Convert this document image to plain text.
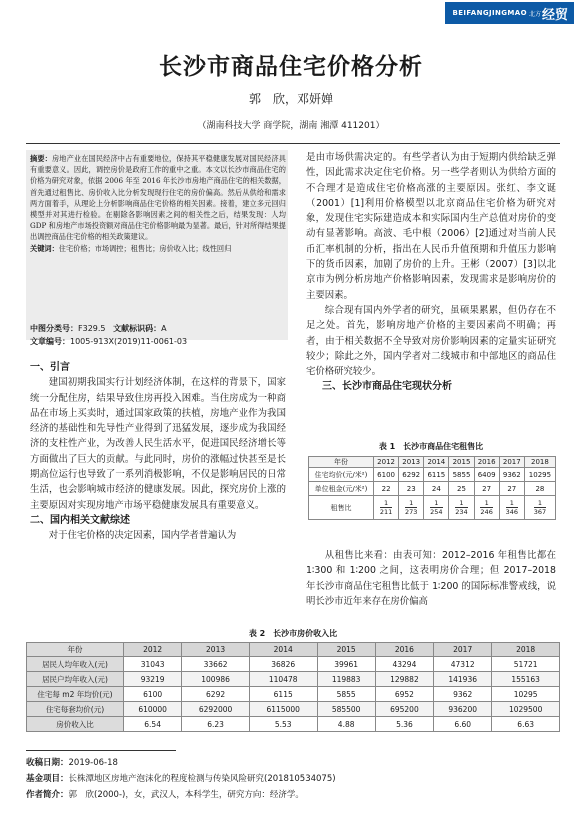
BEIFANGJINGMAO 北方 经贸
长沙市商品住宅价格分析
郭　欣，邓妍婵
（湖南科技大学 商学院，湖南 湘潭 411201）
摘要：房地产业在国民经济中占有重要地位，保持其平稳健康发展对国民经济具有重要意义。因此，调控房价是政府工作的重中之重。本文以长沙市商品住宅的价格为研究对象，依据 2006 年至 2016 年长沙市房地产商品住宅的相关数据，首先通过租售比、房价收入比分析发现现行住宅的房价偏高。然后从供给和需求两方面着手，从理论上分析影响商品住宅价格的相关因素。接着，建立多元回归模型并对其进行检验。在剔除各影响因素之间的相关性之后，结果发现：人均 GDP 和房地产市场投资额对商品住宅价格影响最为显著。最后，针对所得结果提出调控商品住宅价格的相关政策建议。
关键词：住宅价格；市场调控；租售比；房价收入比；线性回归
中图分类号：F329.5 文献标识码：A
文章编号：1005-913X(2019)11-0061-03
一、引言

建国初期我国实行计划经济体制，在这样的背景下，国家统一分配住房，结果导致住房再投入困难。当住房成为一种商品在市场上买卖时，通过国家政策的扶植，房地产业作为我国经济的基础性和先导性产业得到了迅猛发展，逐步成为我国经济的支柱性产业，为改善人民生活水平，促进国民经济增长等方面做出了巨大的贡献。与此同时，房价的涨幅过快甚至是长期高位运行也导致了一系列消极影响，不仅是影响居民的日常生活，也会影响城市经济的健康发展。因此，探究房价上涨的主要原因对实现房地产市场平稳健康发展具有重要意义。

二、国内相关文献综述

对于住宅价格的决定因素，国内学者普遍认为

是由市场供需决定的。有些学者认为由于短期内供给缺乏弹性，因此需求决定住宅价格。另一些学者则认为供给方面的不合理才是造成住宅价格高涨的主要原因。张红、李文诞（2001）[1]利用价格模型以北京商品住宅价格为研究对象，发现住宅实际建造成本和实际国内生产总值对房价的变动有显著影响。高波、毛中根（2006）[2]通过对当前人民币汇率机制的分析，指出在人民币升值预期和升值压力影响下的货币因素，加剧了房价的上升。王彬（2007）[3]以北京市为例分析房地产价格影响因素，发现需求是影响房价的主要因素。

综合现有国内外学者的研究，虽硕果累累，但仍存在不足之处。首先，影响房地产价格的主要因素尚不明确；再者，由于相关数据不全导致对房价影响因素的定量实证研究较少；除此之外，国内学者对二线城市和中部地区的商品住宅价格研究较少。

三、长沙市商品住宅现状分析
表 1　长沙市商品住宅租售比
年份	2012	2013	2014	2015	2016	2017	2018
住宅均价(元/米²)	6100	6292	6115	5855	6409	9362	10295
单位租金(元/米²)	22	23	24	25	27	27	28
租售比	$\frac{1}{211}$	$\frac{1}{273}$	$\frac{1}{254}$	$\frac{1}{234}$	$\frac{1}{246}$	$\frac{1}{346}$	$\frac{1}{367}$

从租售比来看：由表可知：2012–2016 年租售比都在 1∶300 和 1∶200 之间，这表明房价合理；但 2017–2018 年长沙市商品住宅租售比低于 1∶200 的国际标准警戒线，说明长沙市近年来存在房价偏高

表 2　长沙市房价收入比
年份	2012	2013	2014	2015	2016	2017	2018
居民人均年收入(元)	31043	33662	36826	39961	43294	47312	51721
居民户均年收入(元)	93219	100986	110478	119883	129882	141936	155163
住宅每 m2 年均价(元)	6100	6292	6115	5855	6952	9362	10295
住宅每套均价(元)	610000	6292000	6115000	585500	695200	936200	1029500
房价收入比	6.54	6.23	5.53	4.88	5.36	6.60	6.63
收稿日期：2019-06-18
基金项目：长株潭地区房地产泡沫化的程度检测与传染风险研究(201810534075)
作者简介：郭　欣(2000-)，女，武汉人，本科学生，研究方向：经济学。
